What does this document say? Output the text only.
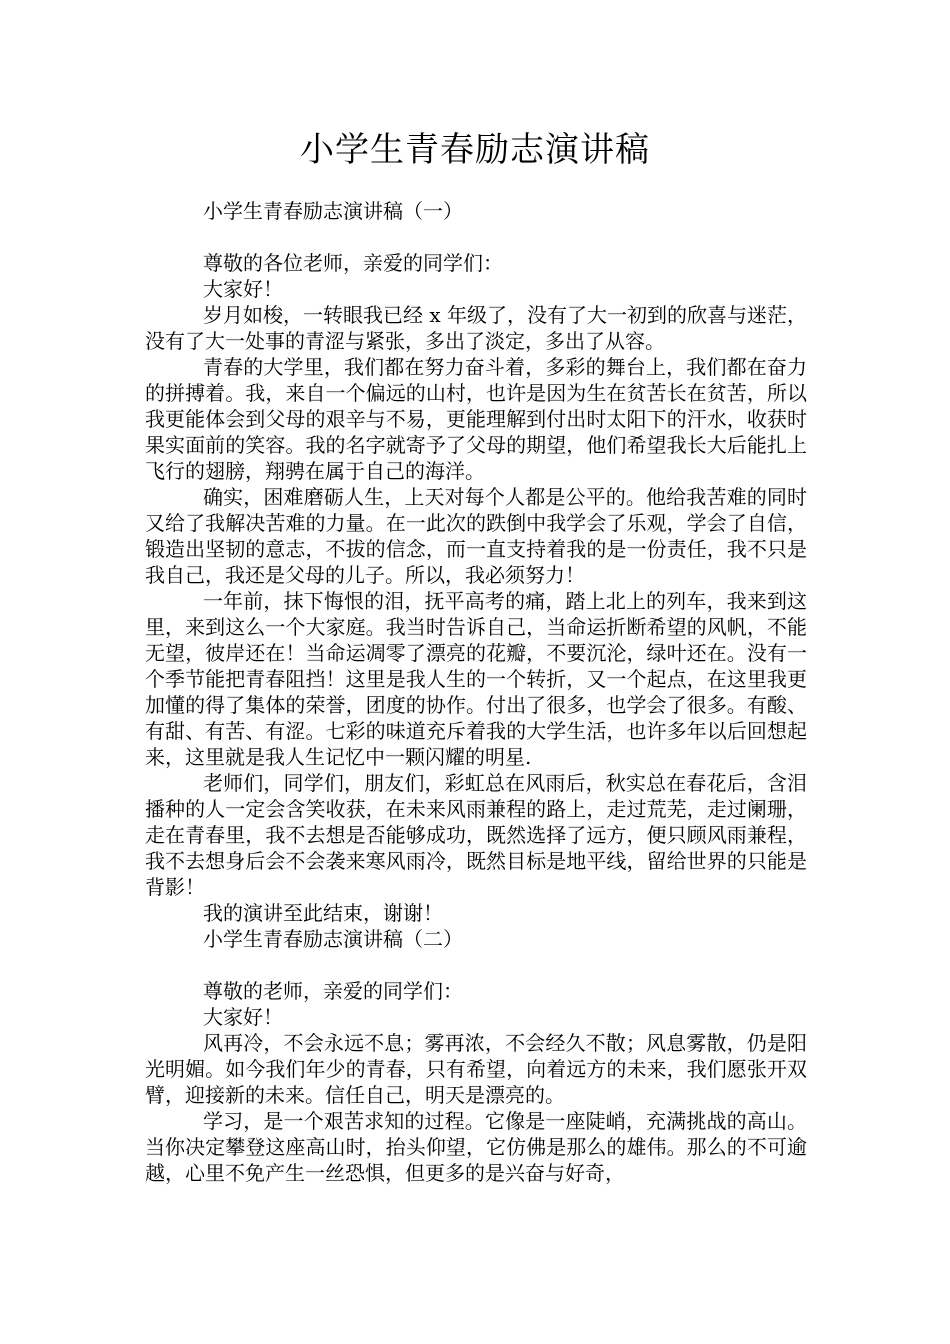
小学生青春励志演讲稿

小学生青春励志演讲稿（一）

尊敬的各位老师，亲爱的同学们：

大家好！

岁月如梭，一转眼我已经 x 年级了，没有了大一初到的欣喜与迷茫，没有了大一处事的青涩与紧张，多出了淡定，多出了从容。

青春的大学里，我们都在努力奋斗着，多彩的舞台上，我们都在奋力的拼搏着。我，来自一个偏远的山村，也许是因为生在贫苦长在贫苦，所以我更能体会到父母的艰辛与不易，更能理解到付出时太阳下的汗水，收获时果实面前的笑容。我的名字就寄予了父母的期望，他们希望我长大后能扎上飞行的翅膀，翔骋在属于自己的海洋。

确实，困难磨砺人生，上天对每个人都是公平的。他给我苦难的同时又给了我解决苦难的力量。在一此次的跌倒中我学会了乐观，学会了自信，锻造出坚韧的意志，不拔的信念，而一直支持着我的是一份责任，我不只是我自己，我还是父母的儿子。所以，我必须努力！

一年前，抹下悔恨的泪，抚平高考的痛，踏上北上的列车，我来到这里，来到这么一个大家庭。我当时告诉自己，当命运折断希望的风帆，不能无望，彼岸还在！当命运凋零了漂亮的花瓣，不要沉沦，绿叶还在。没有一个季节能把青春阻挡！这里是我人生的一个转折，又一个起点，在这里我更加懂的得了集体的荣誉，团度的协作。付出了很多，也学会了很多。有酸、有甜、有苦、有涩。七彩的味道充斥着我的大学生活，也许多年以后回想起来，这里就是我人生记忆中一颗闪耀的明星.

老师们，同学们，朋友们，彩虹总在风雨后，秋实总在春花后，含泪播种的人一定会含笑收获，在未来风雨兼程的路上，走过荒芜，走过阑珊，走在青春里，我不去想是否能够成功，既然选择了远方，便只顾风雨兼程，我不去想身后会不会袭来寒风雨冷，既然目标是地平线，留给世界的只能是背影！

我的演讲至此结束，谢谢！

小学生青春励志演讲稿（二）

尊敬的老师，亲爱的同学们：

大家好！

风再冷，不会永远不息；雾再浓，不会经久不散；风息雾散，仍是阳光明媚。如今我们年少的青春，只有希望，向着远方的未来，我们愿张开双臂，迎接新的未来。信任自己，明天是漂亮的。

学习，是一个艰苦求知的过程。它像是一座陡峭，充满挑战的高山。当你决定攀登这座高山时，抬头仰望，它仿佛是那么的雄伟。那么的不可逾越，心里不免产生一丝恐惧，但更多的是兴奋与好奇，
